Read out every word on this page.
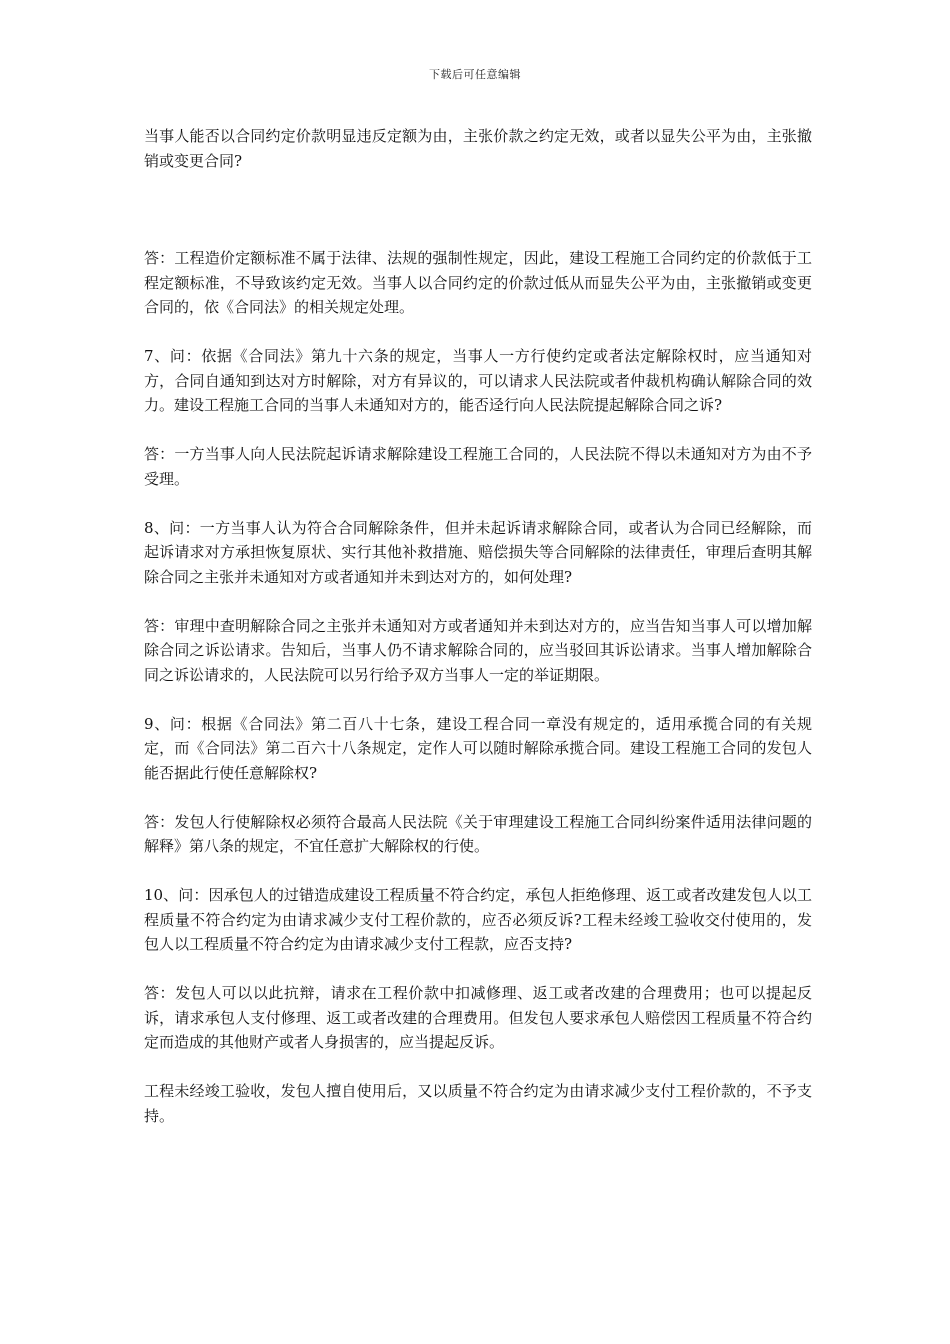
下载后可任意编辑

当事人能否以合同约定价款明显违反定额为由，主张价款之约定无效，或者以显失公平为由，主张撤销或变更合同?

答：工程造价定额标准不属于法律、法规的强制性规定，因此，建设工程施工合同约定的价款低于工程定额标准，不导致该约定无效。当事人以合同约定的价款过低从而显失公平为由，主张撤销或变更合同的，依《合同法》的相关规定处理。

7、问：依据《合同法》第九十六条的规定，当事人一方行使约定或者法定解除权时，应当通知对方，合同自通知到达对方时解除，对方有异议的，可以请求人民法院或者仲裁机构确认解除合同的效力。建设工程施工合同的当事人未通知对方的，能否迳行向人民法院提起解除合同之诉?

答：一方当事人向人民法院起诉请求解除建设工程施工合同的，人民法院不得以未通知对方为由不予受理。

8、问：一方当事人认为符合合同解除条件，但并未起诉请求解除合同，或者认为合同已经解除，而起诉请求对方承担恢复原状、实行其他补救措施、赔偿损失等合同解除的法律责任，审理后查明其解除合同之主张并未通知对方或者通知并未到达对方的，如何处理?

答：审理中查明解除合同之主张并未通知对方或者通知并未到达对方的，应当告知当事人可以增加解除合同之诉讼请求。告知后，当事人仍不请求解除合同的，应当驳回其诉讼请求。当事人增加解除合同之诉讼请求的，人民法院可以另行给予双方当事人一定的举证期限。

9、问：根据《合同法》第二百八十七条，建设工程合同一章没有规定的，适用承揽合同的有关规定，而《合同法》第二百六十八条规定，定作人可以随时解除承揽合同。建设工程施工合同的发包人能否据此行使任意解除权?

答：发包人行使解除权必须符合最高人民法院《关于审理建设工程施工合同纠纷案件适用法律问题的解释》第八条的规定，不宜任意扩大解除权的行使。

10、问：因承包人的过错造成建设工程质量不符合约定，承包人拒绝修理、返工或者改建发包人以工程质量不符合约定为由请求减少支付工程价款的，应否必须反诉?工程未经竣工验收交付使用的，发包人以工程质量不符合约定为由请求减少支付工程款，应否支持?

答：发包人可以以此抗辩，请求在工程价款中扣减修理、返工或者改建的合理费用；也可以提起反诉，请求承包人支付修理、返工或者改建的合理费用。但发包人要求承包人赔偿因工程质量不符合约定而造成的其他财产或者人身损害的，应当提起反诉。

工程未经竣工验收，发包人擅自使用后，又以质量不符合约定为由请求减少支付工程价款的，不予支持。
